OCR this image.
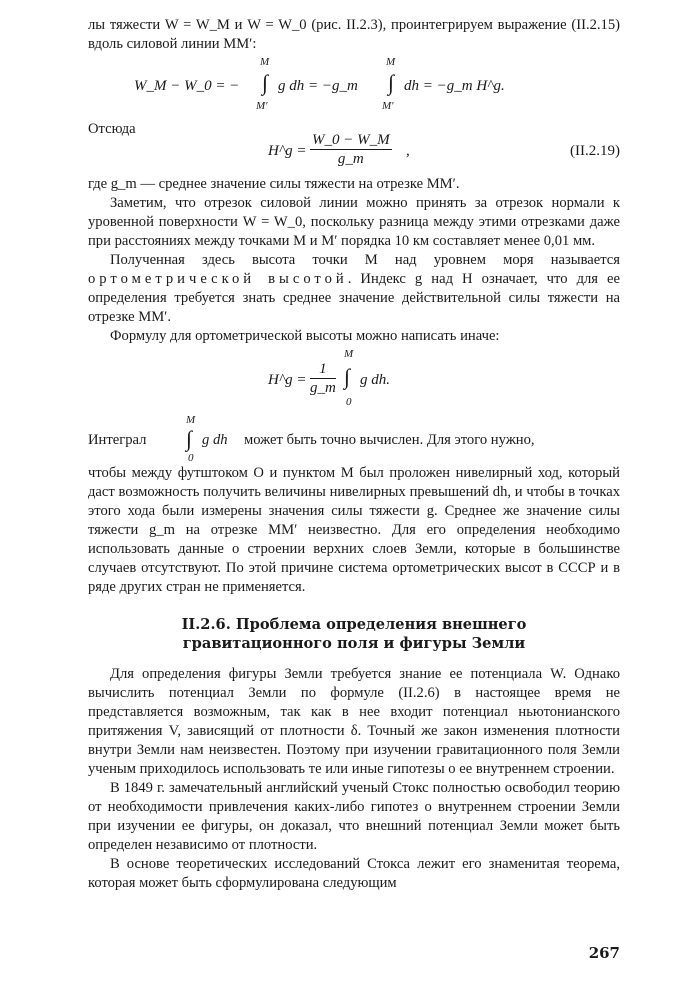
лы тяжести W = W_M и W = W_0 (рис. II.2.3), проинтегрируем выражение (II.2.15) вдоль силовой линии MM′:

W_M − W_0 = −
M
∫
M′
g dh = −g_m
M
∫
M′
dh = −g_m H^g.

Отсюда

H^g = $\frac{W\_0 - W\_M}{g\_m}$ ,	(II.2.19)

где g_m — среднее значение силы тяжести на отрезке MM′.

Заметим, что отрезок силовой линии можно принять за отрезок нормали к уровенной поверхности W = W_0, поскольку разница между этими отрезками даже при расстояниях между точками M и M′ порядка 10 км составляет менее 0,01 мм.

Полученная здесь высота точки M над уровнем моря называется ортометрической высотой. Индекс g над H означает, что для ее определения требуется знать среднее значение действительной силы тяжести на отрезке MM′.

Формулу для ортометрической высоты можно написать иначе:

H^g = $\frac{1}{g\_m}$
M
∫
0
g dh.
Интеграл
M
∫
0
g dh может быть точно вычислен. Для этого нужно,

чтобы между футштоком O и пунктом M был проложен нивелирный ход, который даст возможность получить величины нивелирных превышений dh, и чтобы в точках этого хода были измерены значения силы тяжести g. Среднее же значение силы тяжести g_m на отрезке MM′ неизвестно. Для его определения необходимо использовать данные о строении верхних слоев Земли, которые в большинстве случаев отсутствуют. По этой причине система ортометрических высот в СССР и в ряде других стран не применяется.

II.2.6. Проблема определения внешнего
гравитационного поля и фигуры Земли

Для определения фигуры Земли требуется знание ее потенциала W. Однако вычислить потенциал Земли по формуле (II.2.6) в настоящее время не представляется возможным, так как в нее входит потенциал ньютонианского притяжения V, зависящий от плотности δ. Точный же закон изменения плотности внутри Земли нам неизвестен. Поэтому при изучении гравитационного поля Земли ученым приходилось использовать те или иные гипотезы о ее внутреннем строении.

В 1849 г. замечательный английский ученый Стокс полностью освободил теорию от необходимости привлечения каких-либо гипотез о внутреннем строении Земли при изучении ее фигуры, он доказал, что внешний потенциал Земли может быть определен независимо от плотности.

В основе теоретических исследований Стокса лежит его знаменитая теорема, которая может быть сформулирована следующим

267
